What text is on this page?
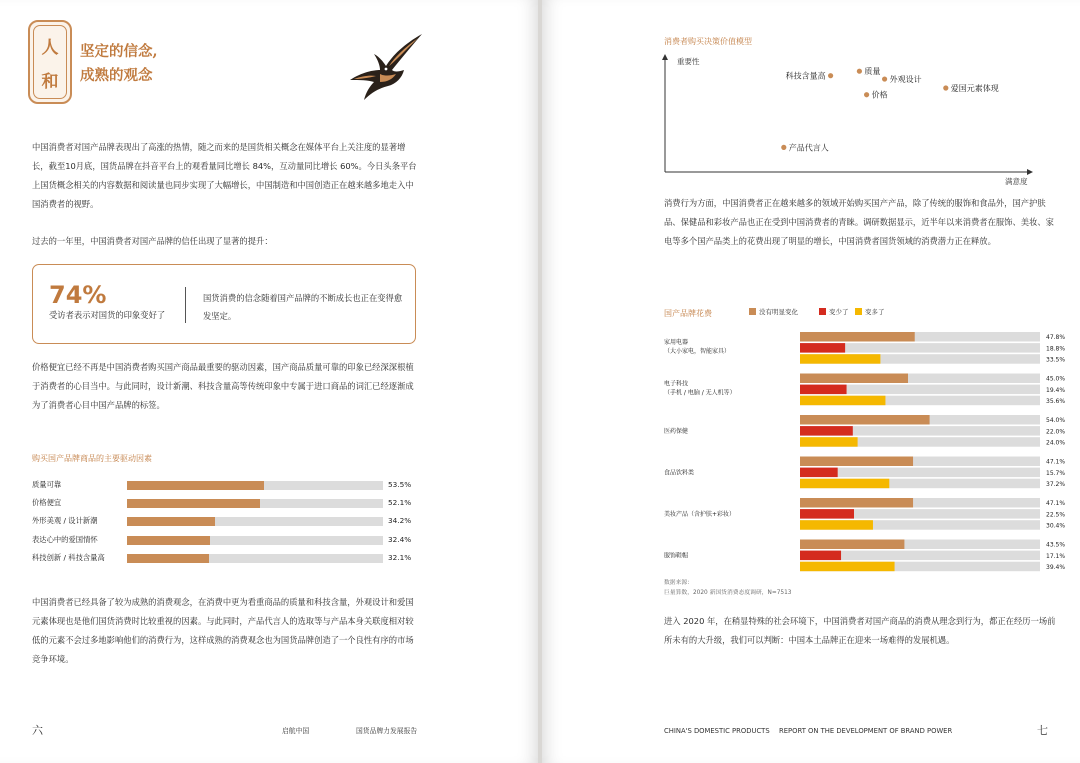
人
和
坚定的信念,
成熟的观念
中国消费者对国产品牌表现出了高涨的热情，随之而来的是国货相关概念在媒体平台上关注度的显著增长，截至10月底，国货品牌在抖音平台上的观看量同比增长 84%，互动量同比增长 60%。今日头条平台上国货概念相关的内容数据和阅读量也同步实现了大幅增长，中国制造和中国创造正在越来越多地走入中国消费者的视野。
过去的一年里，中国消费者对国产品牌的信任出现了显著的提升：
74%
受访者表示对国货的印象变好了
国货消费的信念随着国产品牌的不断成长也正在变得愈发坚定。
价格便宜已经不再是中国消费者购买国产商品最重要的驱动因素，国产商品质量可靠的印象已经深深根植于消费者的心目当中。与此同时，设计新潮、科技含量高等传统印象中专属于进口商品的词汇已经逐渐成为了消费者心目中国产品牌的标签。
购买国产品牌商品的主要驱动因素
质量可靠	53.5%
价格便宜	52.1%
外形美观 / 设计新潮	34.2%
表达心中的爱国情怀	32.4%
科技创新 / 科技含量高	32.1%
中国消费者已经具备了较为成熟的消费观念，在消费中更为看重商品的质量和科技含量，外观设计和爱国元素体现也是他们国货消费时比较重视的因素。与此同时，产品代言人的选取等与产品本身关联度相对较低的元素不会过多地影响他们的消费行为，这样成熟的消费观念也为国货品牌创造了一个良性有序的市场竞争环境。
六	启航中国	国货品牌力发展报告
消费者购买决策价值模型
重要性
满意度
科技含量高	质量
外观设计
爱国元素体现
价格
产品代言人
消费行为方面，中国消费者正在越来越多的领域开始购买国产产品，除了传统的服饰和食品外，国产护肤品、保健品和彩妆产品也正在受到中国消费者的青睐。调研数据显示，近半年以来消费者在服饰、美妆、家电等多个国产品类上的花费出现了明显的增长，中国消费者国货领域的消费潜力正在释放。
国产品牌花费	没有明显变化	变少了	变多了
家用电器
（大小家电，智能家具）
47.8%
18.8%
33.5%
电子科技
（手机 / 电脑 / 无人机等）
45.0%
19.4%
35.6%
医药保健
54.0%
22.0%
24.0%
食品饮料类
47.1%
15.7%
37.2%
美妆产品（含护肤+彩妆）
47.1%
22.5%
30.4%
服饰鞋帽
43.5%
17.1%
39.4%
数据来源：
巨量算数，2020 新国货消费态度调研，N=7513
进入 2020 年，在稍显特殊的社会环境下，中国消费者对国产商品的消费从理念到行为，都正在经历一场前所未有的大升级，我们可以判断：中国本土品牌正在迎来一场难得的发展机遇。
CHINA'S DOMESTIC PRODUCTS REPORT ON THE DEVELOPMENT OF BRAND POWER	七
